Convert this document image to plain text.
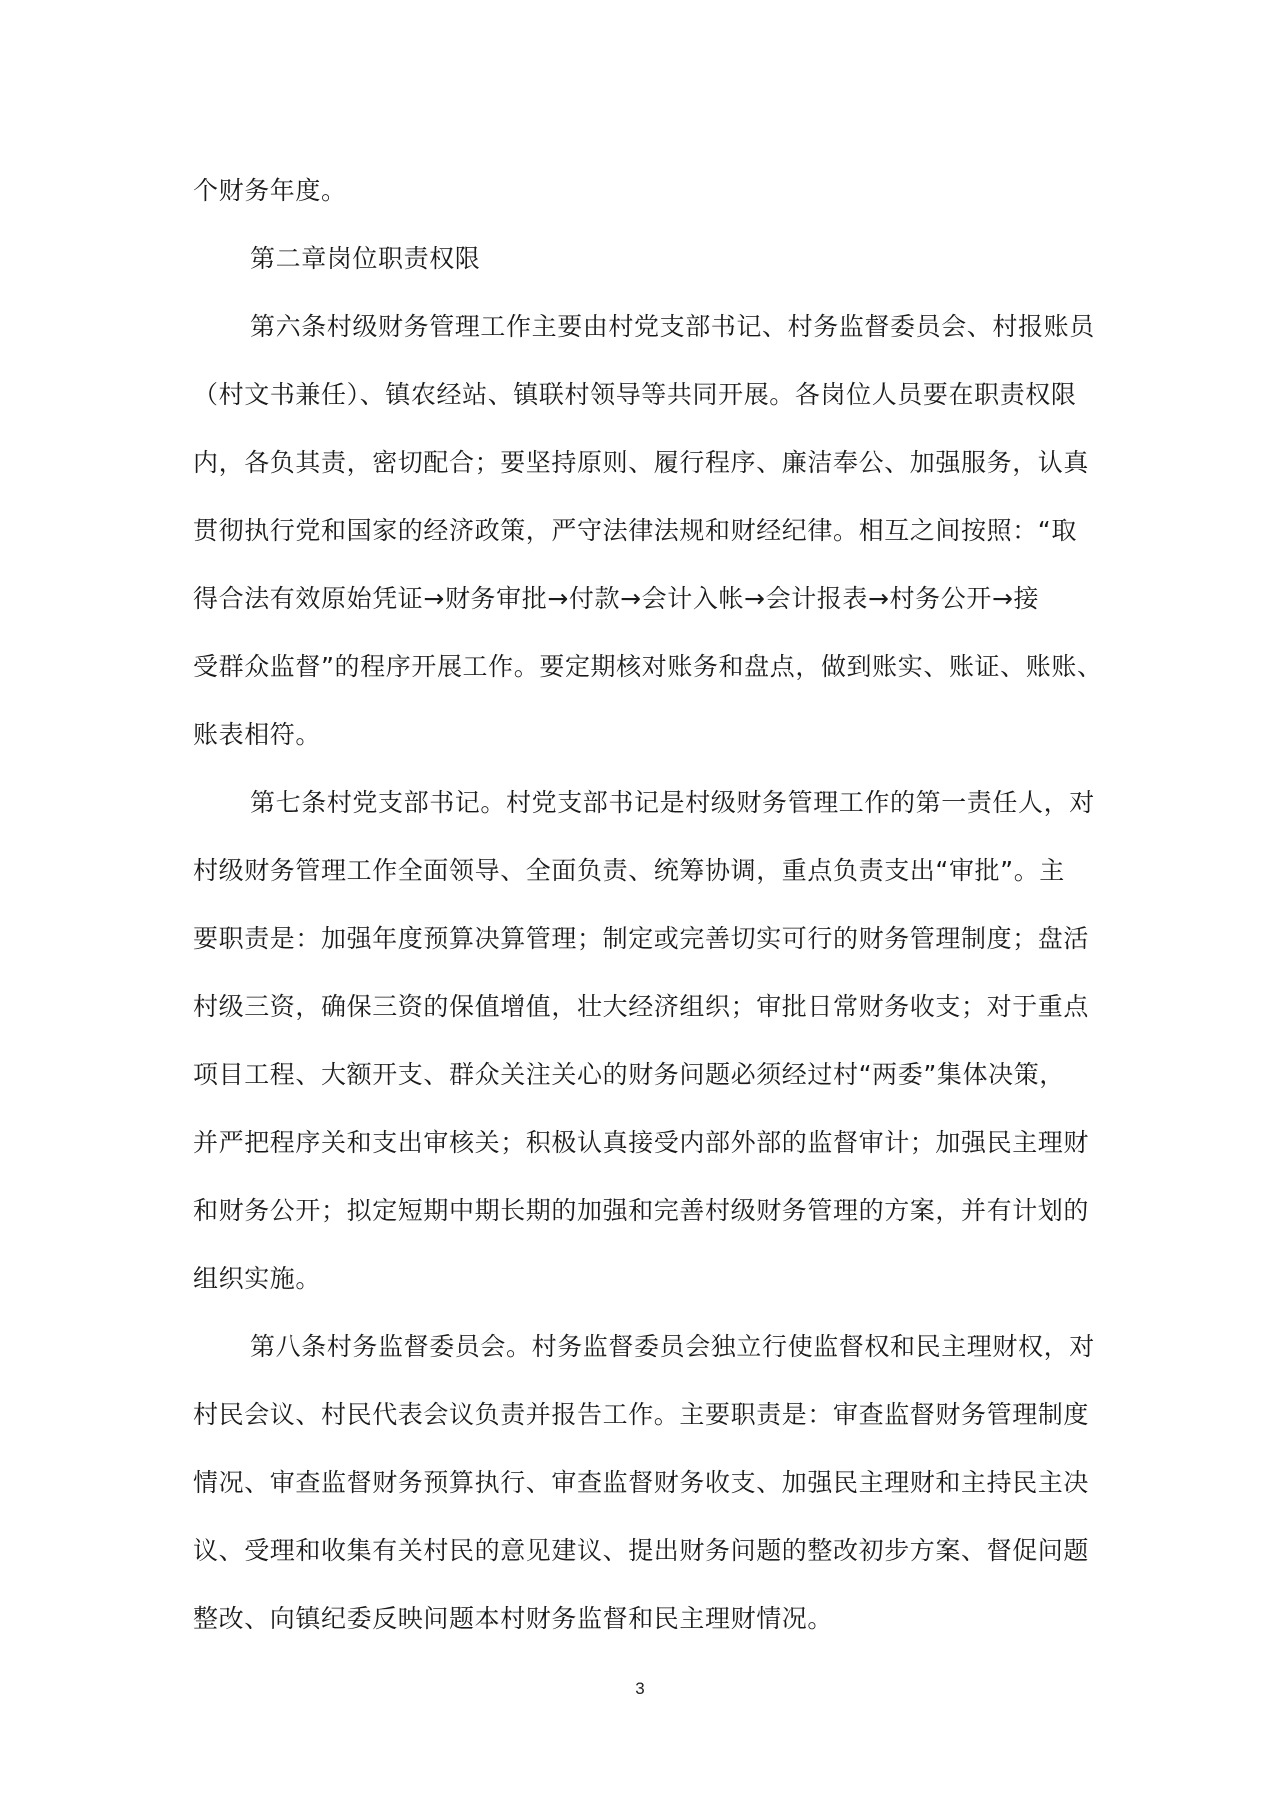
个财务年度。
第二章岗位职责权限
第六条村级财务管理工作主要由村党支部书记、村务监督委员会、村报账员
（村文书兼任）、镇农经站、镇联村领导等共同开展。各岗位人员要在职责权限
内，各负其责，密切配合；要坚持原则、履行程序、廉洁奉公、加强服务，认真
贯彻执行党和国家的经济政策，严守法律法规和财经纪律。相互之间按照：“取
得合法有效原始凭证→财务审批→付款→会计入帐→会计报表→村务公开→接
受群众监督”的程序开展工作。要定期核对账务和盘点，做到账实、账证、账账、
账表相符。
第七条村党支部书记。村党支部书记是村级财务管理工作的第一责任人，对
村级财务管理工作全面领导、全面负责、统筹协调，重点负责支出“审批”。主
要职责是：加强年度预算决算管理；制定或完善切实可行的财务管理制度；盘活
村级三资，确保三资的保值增值，壮大经济组织；审批日常财务收支；对于重点
项目工程、大额开支、群众关注关心的财务问题必须经过村“两委”集体决策，
并严把程序关和支出审核关；积极认真接受内部外部的监督审计；加强民主理财
和财务公开；拟定短期中期长期的加强和完善村级财务管理的方案，并有计划的
组织实施。
第八条村务监督委员会。村务监督委员会独立行使监督权和民主理财权，对
村民会议、村民代表会议负责并报告工作。主要职责是：审查监督财务管理制度
情况、审查监督财务预算执行、审查监督财务收支、加强民主理财和主持民主决
议、受理和收集有关村民的意见建议、提出财务问题的整改初步方案、督促问题
整改、向镇纪委反映问题本村财务监督和民主理财情况。
3
